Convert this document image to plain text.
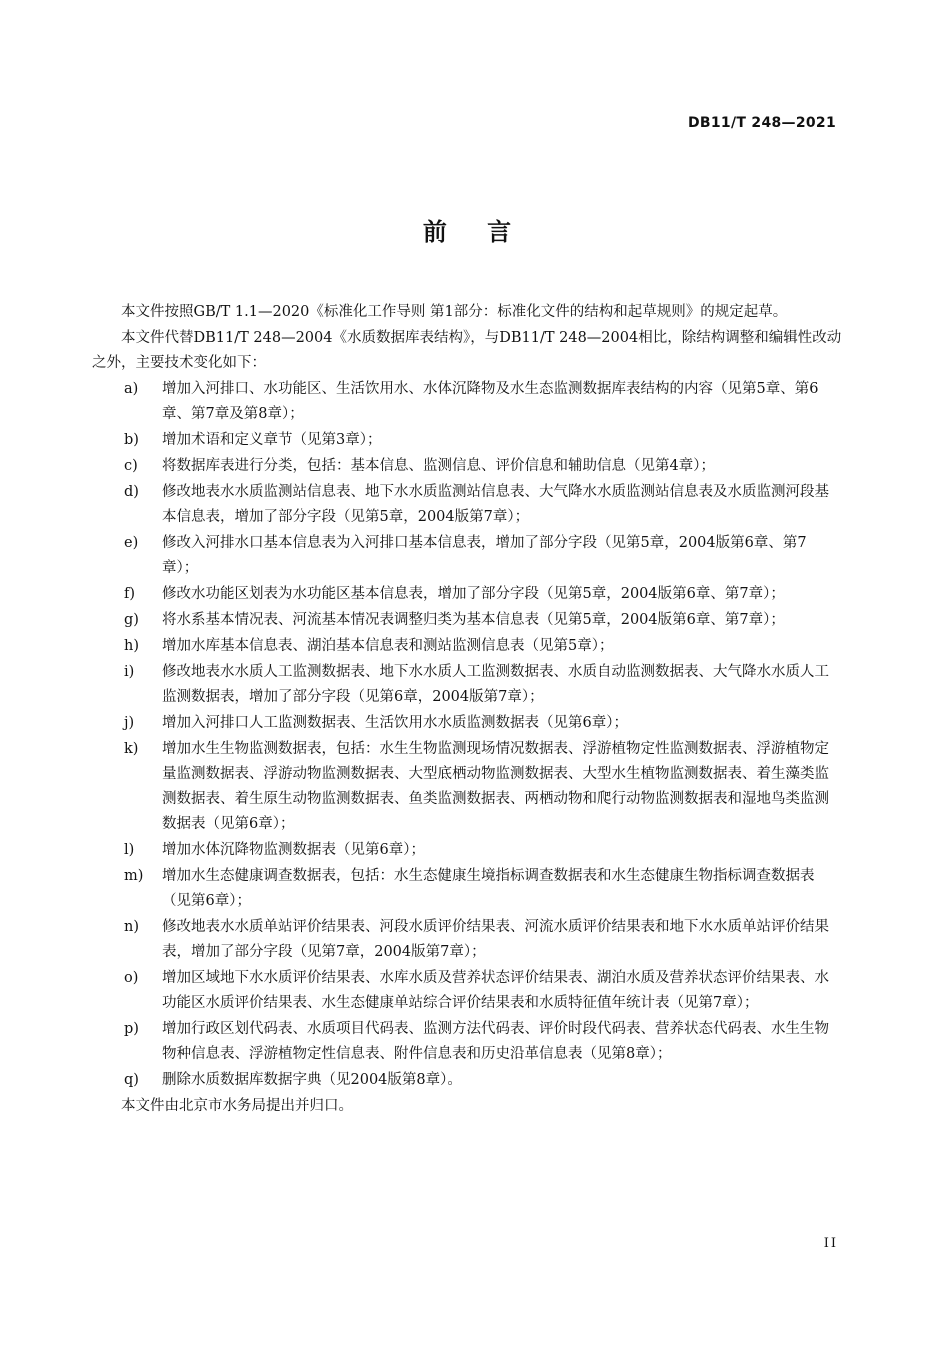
DB11/T 248—2021
前 言

本文件按照GB/T 1.1—2020《标准化工作导则 第1部分：标准化文件的结构和起草规则》的规定起草。

本文件代替DB11/T 248—2004《水质数据库表结构》，与DB11/T 248—2004相比，除结构调整和编辑性改动之外，主要技术变化如下：

a)	增加入河排口、水功能区、生活饮用水、水体沉降物及水生态监测数据库表结构的内容（见第5章、第6章、第7章及第8章）；
b)	增加术语和定义章节（见第3章）；
c)	将数据库表进行分类，包括：基本信息、监测信息、评价信息和辅助信息（见第4章）；
d)	修改地表水水质监测站信息表、地下水水质监测站信息表、大气降水水质监测站信息表及水质监测河段基本信息表，增加了部分字段（见第5章，2004版第7章）；
e)	修改入河排水口基本信息表为入河排口基本信息表，增加了部分字段（见第5章，2004版第6章、第7章）；
f)	修改水功能区划表为水功能区基本信息表，增加了部分字段（见第5章，2004版第6章、第7章）；
g)	将水系基本情况表、河流基本情况表调整归类为基本信息表（见第5章，2004版第6章、第7章）；
h)	增加水库基本信息表、湖泊基本信息表和测站监测信息表（见第5章）；
i)	修改地表水水质人工监测数据表、地下水水质人工监测数据表、水质自动监测数据表、大气降水水质人工监测数据表，增加了部分字段（见第6章，2004版第7章）；
j)	增加入河排口人工监测数据表、生活饮用水水质监测数据表（见第6章）；
k)	增加水生生物监测数据表，包括：水生生物监测现场情况数据表、浮游植物定性监测数据表、浮游植物定量监测数据表、浮游动物监测数据表、大型底栖动物监测数据表、大型水生植物监测数据表、着生藻类监测数据表、着生原生动物监测数据表、鱼类监测数据表、两栖动物和爬行动物监测数据表和湿地鸟类监测数据表（见第6章）；
l)	增加水体沉降物监测数据表（见第6章）；
m)	增加水生态健康调查数据表，包括：水生态健康生境指标调查数据表和水生态健康生物指标调查数据表（见第6章）；
n)	修改地表水水质单站评价结果表、河段水质评价结果表、河流水质评价结果表和地下水水质单站评价结果表，增加了部分字段（见第7章，2004版第7章）；
o)	增加区域地下水水质评价结果表、水库水质及营养状态评价结果表、湖泊水质及营养状态评价结果表、水功能区水质评价结果表、水生态健康单站综合评价结果表和水质特征值年统计表（见第7章）；
p)	增加行政区划代码表、水质项目代码表、监测方法代码表、评价时段代码表、营养状态代码表、水生生物物种信息表、浮游植物定性信息表、附件信息表和历史沿革信息表（见第8章）；
q)	删除水质数据库数据字典（见2004版第8章）。

本文件由北京市水务局提出并归口。

II
